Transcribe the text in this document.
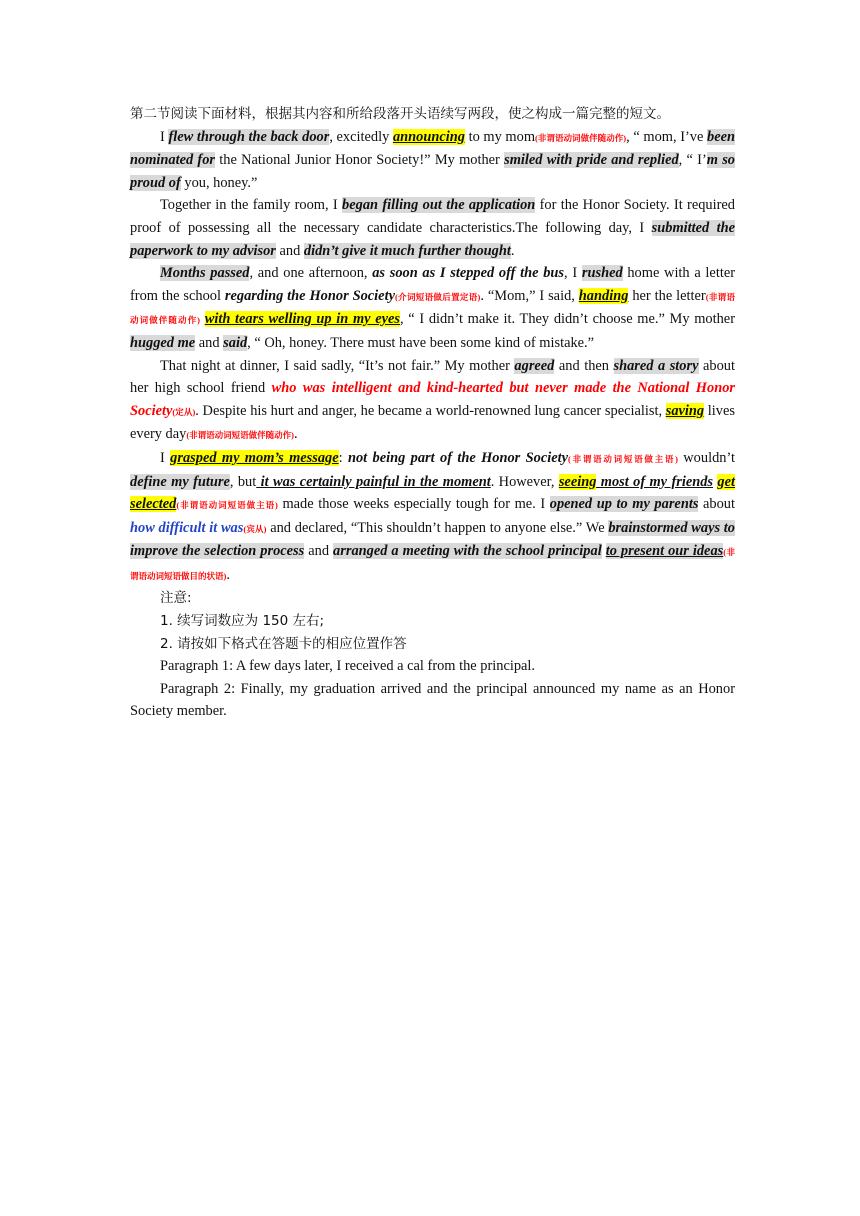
第二节阅读下面材料，根据其内容和所给段落开头语续写两段，使之构成一篇完整的短文。

I flew through the back door, excitedly announcing to my mom(非谓语动词做伴随动作), “ mom, I’ve been nominated for the National Junior Honor Society!” My mother smiled with pride and replied, “ I’m so proud of you, honey.”

Together in the family room, I began filling out the application for the Honor Society. It required proof of possessing all the necessary candidate characteristics.The following day, I submitted the paperwork to my advisor and didn’t give it much further thought.

Months passed, and one afternoon, as soon as I stepped off the bus, I rushed home with a letter from the school regarding the Honor Society(介词短语做后置定语). “Mom,” I said, handing her the letter(非谓语动词做伴随动作) with tears welling up in my eyes, “ I didn’t make it. They didn’t choose me.” My mother hugged me and said, “ Oh, honey. There must have been some kind of mistake.”

That night at dinner, I said sadly, “It’s not fair.” My mother agreed and then shared a story about her high school friend who was intelligent and kind-hearted but never made the National Honor Society(定从). Despite his hurt and anger, he became a world-renowned lung cancer specialist, saving lives every day(非谓语动词短语做伴随动作).

I grasped my mom’s message: not being part of the Honor Society(非谓语动词短语做主语) wouldn’t define my future, but it was certainly painful in the moment. However, seeing most of my friends get selected(非谓语动词短语做主语) made those weeks especially tough for me. I opened up to my parents about how difficult it was(宾从) and declared, “This shouldn’t happen to anyone else.” We brainstormed ways to improve the selection process and arranged a meeting with the school principal to present our ideas(非谓语动词短语做目的状语).

注意:

1. 续写词数应为 150 左右;

2. 请按如下格式在答题卡的相应位置作答

Paragraph 1: A few days later, I received a cal from the principal.

Paragraph 2: Finally, my graduation arrived and the principal announced my name as an Honor Society member.
